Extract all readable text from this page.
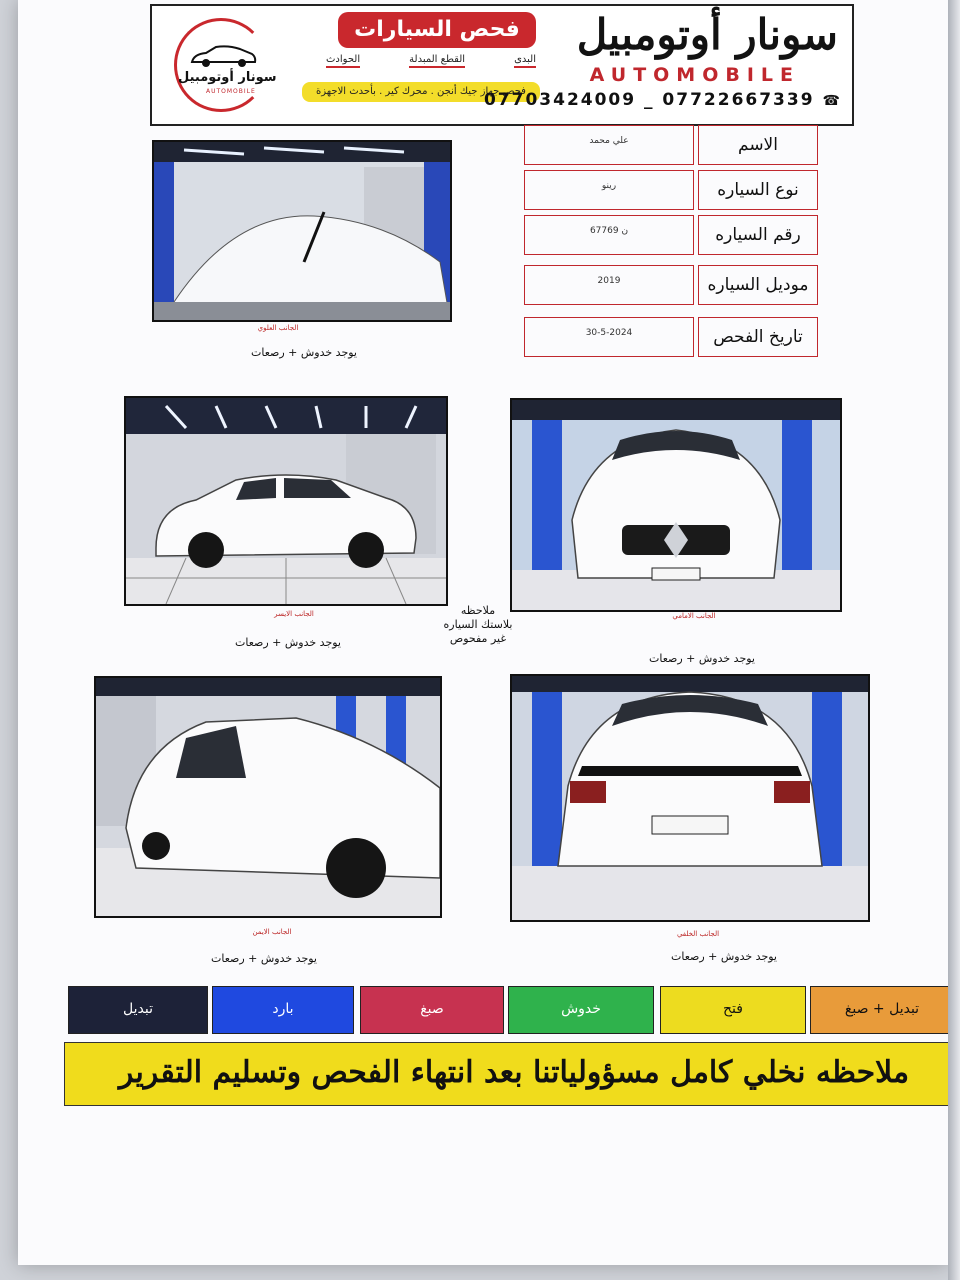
سونار أوتومبيل
AUTOMOBILE
فحص السيارات
البدى
القطع المبدلة
الحوادث
فحص جهاز جيك أنجن . محرك كير . بأحدث الاجهزة
سونار أوتومبيل
AUTOMOBILE
07703424009 _ 07722667339 ☎
علي محمد	الاسم
رينو	نوع السياره
67769 ن	رقم السياره
2019	موديل السياره
30-5-2024	تاريخ الفحص
الجانب العلوي
يوجد خدوش + رصعات
الجانب الايسر
يوجد خدوش + رصعات
ملاحظه
بلاستك السياره
غير مفحوص
الجانب الامامي
يوجد خدوش + رصعات
الجانب الايمن
يوجد خدوش + رصعات
الجانب الخلفي
يوجد خدوش + رصعات
تبديل	بارد	صبغ	خدوش	فتح	تبديل + صبغ
ملاحظه نخلي كامل مسؤولياتنا بعد انتهاء الفحص وتسليم التقرير
